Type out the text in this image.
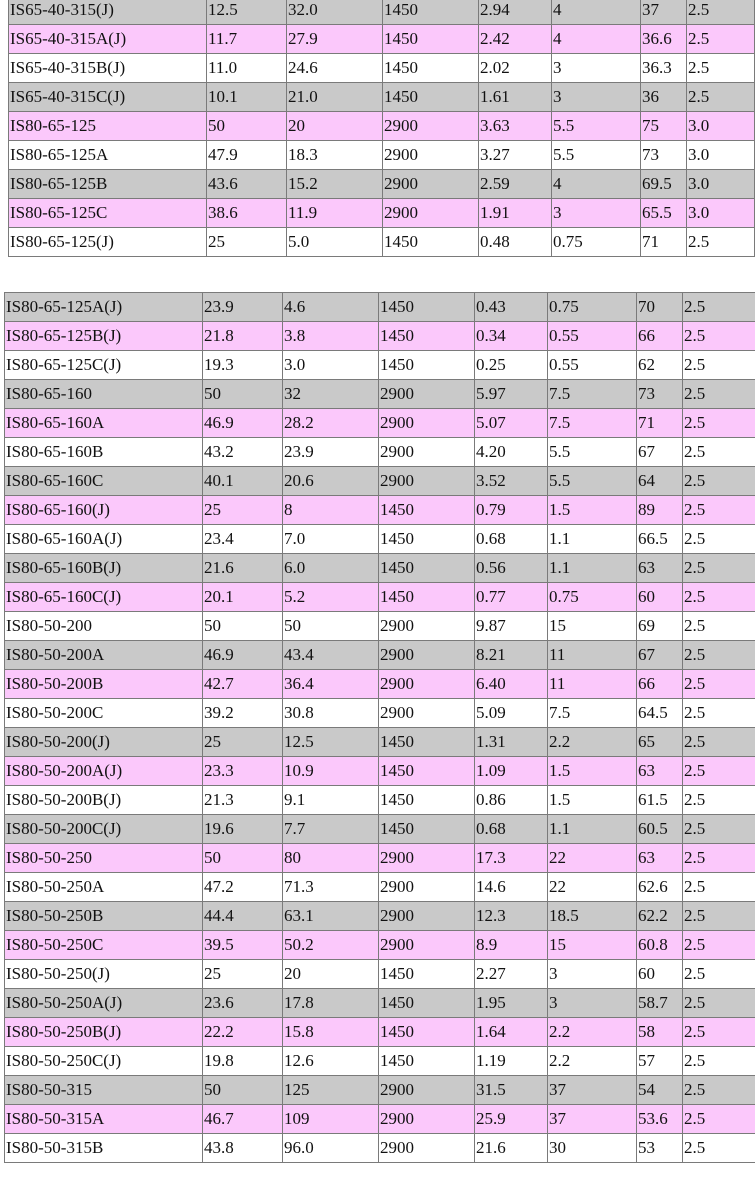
IS65-40-315(J)	12.5	32.0	1450	2.94	4	37	2.5
IS65-40-315A(J)	11.7	27.9	1450	2.42	4	36.6	2.5
IS65-40-315B(J)	11.0	24.6	1450	2.02	3	36.3	2.5
IS65-40-315C(J)	10.1	21.0	1450	1.61	3	36	2.5
IS80-65-125	50	20	2900	3.63	5.5	75	3.0
IS80-65-125A	47.9	18.3	2900	3.27	5.5	73	3.0
IS80-65-125B	43.6	15.2	2900	2.59	4	69.5	3.0
IS80-65-125C	38.6	11.9	2900	1.91	3	65.5	3.0
IS80-65-125(J)	25	5.0	1450	0.48	0.75	71	2.5
IS80-65-125A(J)	23.9	4.6	1450	0.43	0.75	70	2.5
IS80-65-125B(J)	21.8	3.8	1450	0.34	0.55	66	2.5
IS80-65-125C(J)	19.3	3.0	1450	0.25	0.55	62	2.5
IS80-65-160	50	32	2900	5.97	7.5	73	2.5
IS80-65-160A	46.9	28.2	2900	5.07	7.5	71	2.5
IS80-65-160B	43.2	23.9	2900	4.20	5.5	67	2.5
IS80-65-160C	40.1	20.6	2900	3.52	5.5	64	2.5
IS80-65-160(J)	25	8	1450	0.79	1.5	89	2.5
IS80-65-160A(J)	23.4	7.0	1450	0.68	1.1	66.5	2.5
IS80-65-160B(J)	21.6	6.0	1450	0.56	1.1	63	2.5
IS80-65-160C(J)	20.1	5.2	1450	0.77	0.75	60	2.5
IS80-50-200	50	50	2900	9.87	15	69	2.5
IS80-50-200A	46.9	43.4	2900	8.21	11	67	2.5
IS80-50-200B	42.7	36.4	2900	6.40	11	66	2.5
IS80-50-200C	39.2	30.8	2900	5.09	7.5	64.5	2.5
IS80-50-200(J)	25	12.5	1450	1.31	2.2	65	2.5
IS80-50-200A(J)	23.3	10.9	1450	1.09	1.5	63	2.5
IS80-50-200B(J)	21.3	9.1	1450	0.86	1.5	61.5	2.5
IS80-50-200C(J)	19.6	7.7	1450	0.68	1.1	60.5	2.5
IS80-50-250	50	80	2900	17.3	22	63	2.5
IS80-50-250A	47.2	71.3	2900	14.6	22	62.6	2.5
IS80-50-250B	44.4	63.1	2900	12.3	18.5	62.2	2.5
IS80-50-250C	39.5	50.2	2900	8.9	15	60.8	2.5
IS80-50-250(J)	25	20	1450	2.27	3	60	2.5
IS80-50-250A(J)	23.6	17.8	1450	1.95	3	58.7	2.5
IS80-50-250B(J)	22.2	15.8	1450	1.64	2.2	58	2.5
IS80-50-250C(J)	19.8	12.6	1450	1.19	2.2	57	2.5
IS80-50-315	50	125	2900	31.5	37	54	2.5
IS80-50-315A	46.7	109	2900	25.9	37	53.6	2.5
IS80-50-315B	43.8	96.0	2900	21.6	30	53	2.5
